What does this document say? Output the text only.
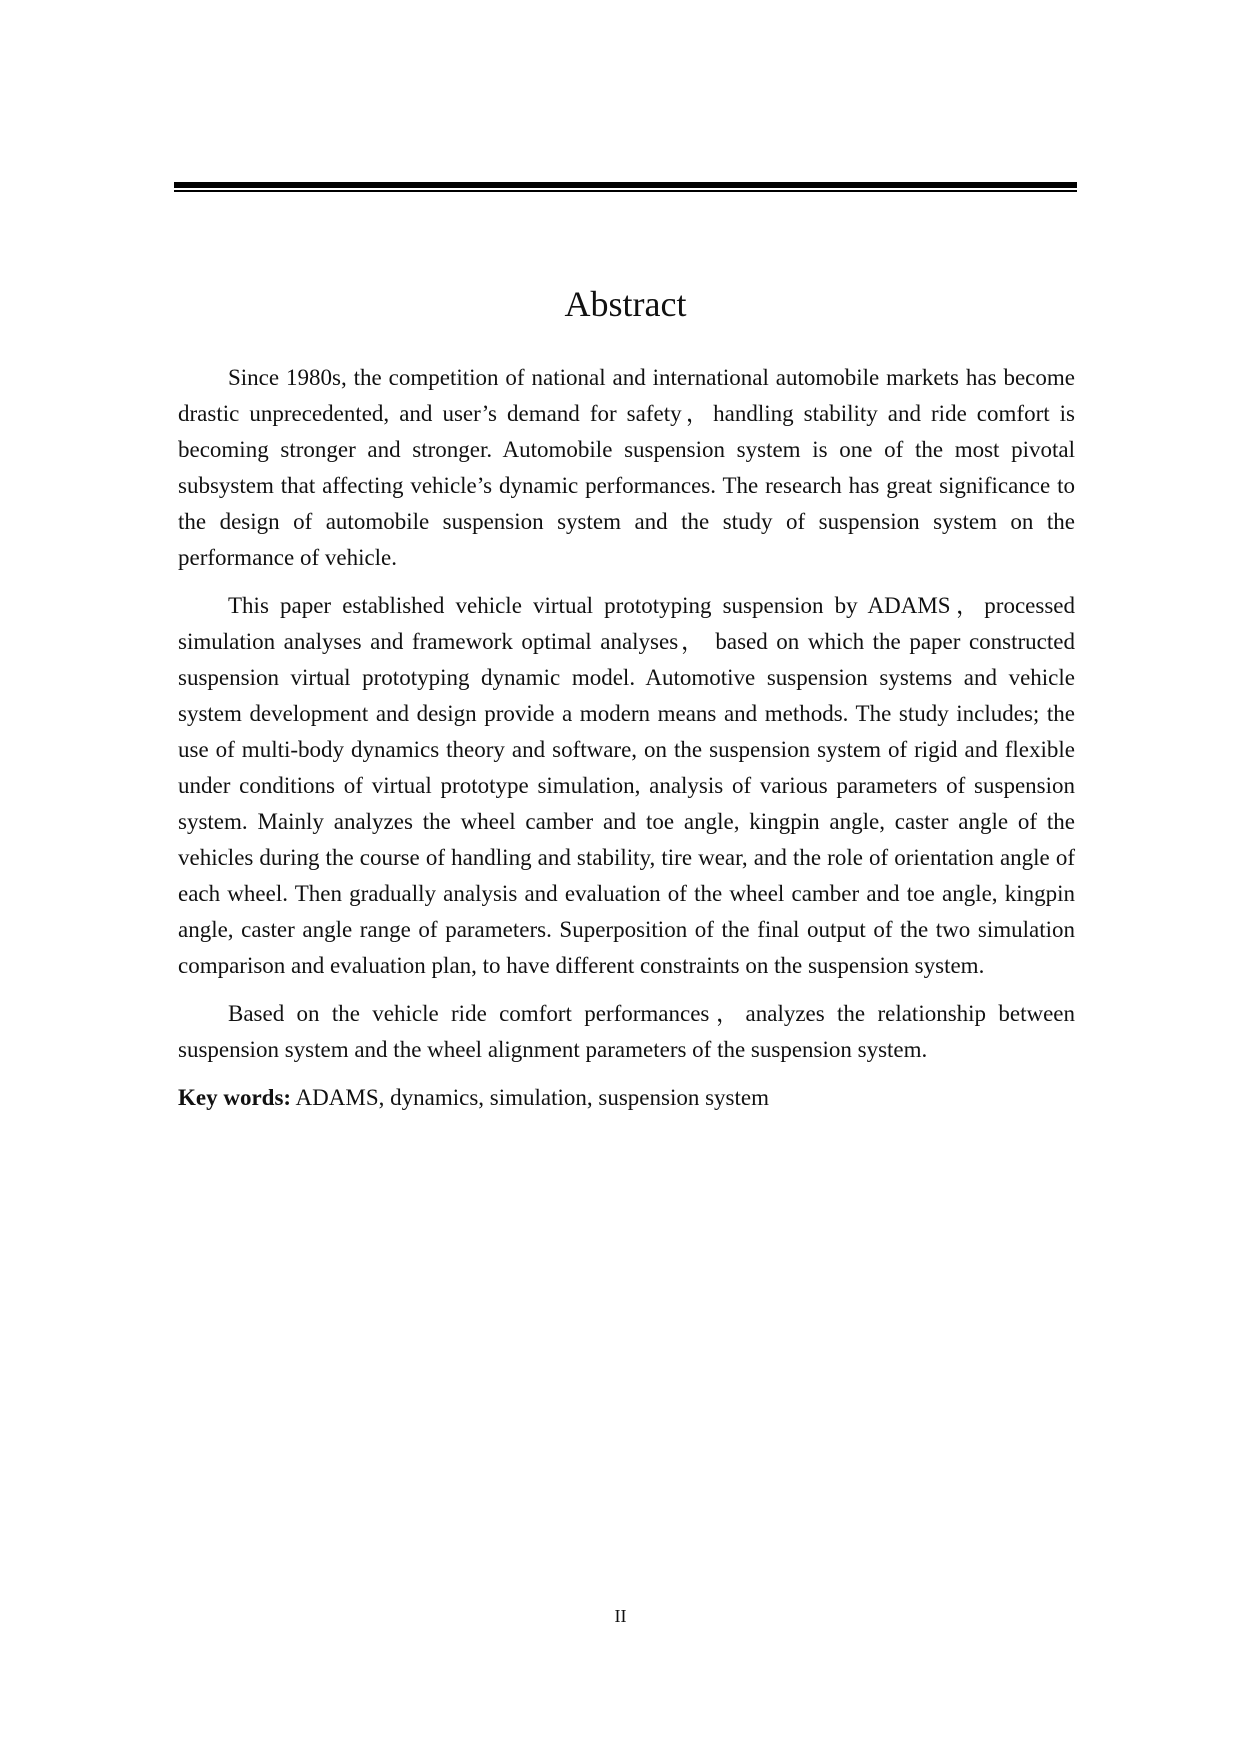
Abstract

Since 1980s, the competition of national and international automobile markets has become drastic unprecedented, and user’s demand for safety，handling stability and ride comfort is becoming stronger and stronger. Automobile suspension system is one of the most pivotal subsystem that affecting vehicle’s dynamic performances. The research has great significance to the design of automobile suspension system and the study of suspension system on the performance of vehicle.

This paper established vehicle virtual prototyping suspension by ADAMS，processed simulation analyses and framework optimal analyses， based on which the paper constructed suspension virtual prototyping dynamic model. Automotive suspension systems and vehicle system development and design provide a modern means and methods. The study includes; the use of multi-body dynamics theory and software, on the suspension system of rigid and flexible under conditions of virtual prototype simulation, analysis of various parameters of suspension system. Mainly analyzes the wheel camber and toe angle, kingpin angle, caster angle of the vehicles during the course of handling and stability, tire wear, and the role of orientation angle of each wheel. Then gradually analysis and evaluation of the wheel camber and toe angle, kingpin angle, caster angle range of parameters. Superposition of the final output of the two simulation comparison and evaluation plan, to have different constraints on the suspension system.

Based on the vehicle ride comfort performances，analyzes the relationship between suspension system and the wheel alignment parameters of the suspension system.

Key words: ADAMS, dynamics, simulation, suspension system

II
